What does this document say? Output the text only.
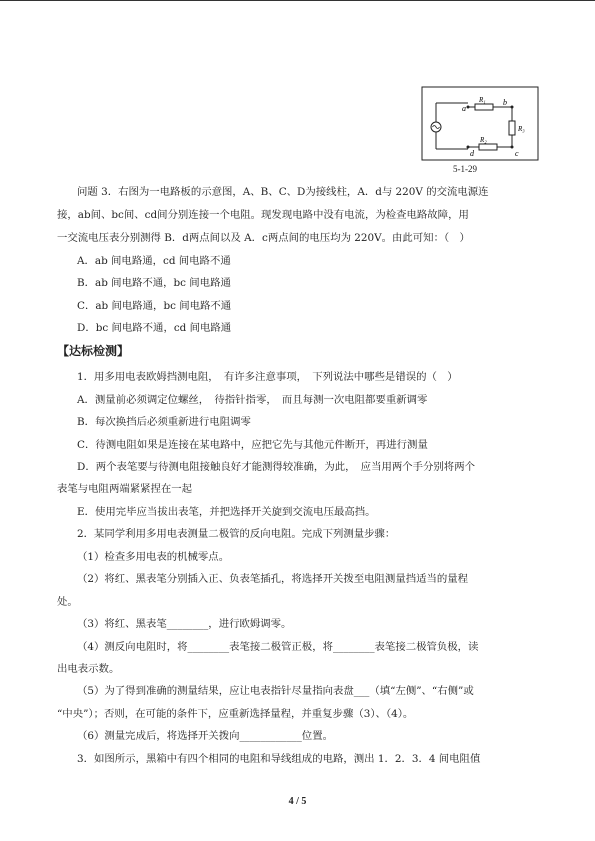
a
b
c
d
R₁
R₂
R₃
5-1-29
问题 3．右图为一电路板的示意图，A、B、C、D为接线柱，A．d与 220V 的交流电源连
接，ab间、bc间、cd间分别连接一个电阻。现发现电路中没有电流，为检查电路故障，用
一交流电压表分别测得 B．d两点间以及 A．c两点间的电压均为 220V。由此可知：（　）
A．ab 间电路通，cd 间电路不通
B．ab 间电路不通，bc 间电路通
C．ab 间电路通，bc 间电路不通
D．bc 间电路不通，cd 间电路通
【达标检测】
1．用多用电表欧姆挡测电阻，　有许多注意事项，　下列说法中哪些是错误的（　）
A．测量前必须调定位螺丝，　待指针指零，　而且每测一次电阻都要重新调零
B．每次换挡后必须重新进行电阻调零
C．待测电阻如果是连接在某电路中，应把它先与其他元件断开，再进行测量
D．两个表笔要与待测电阻接触良好才能测得较准确，为此，　应当用两个手分别将两个
表笔与电阻两端紧紧捏在一起
E．使用完毕应当拔出表笔，并把选择开关旋到交流电压最高挡。
2．某同学利用多用电表测量二极管的反向电阻。完成下列测量步骤：
（1）检查多用电表的机械零点。
（2）将红、黑表笔分别插入正、负表笔插孔，将选择开关拨至电阻测量挡适当的量程
处。
（3）将红、黑表笔________，进行欧姆调零。
（4）测反向电阻时，将________表笔接二极管正极，将________表笔接二极管负极，读
出电表示数。
（5）为了得到准确的测量结果，应让电表指针尽量指向表盘___（填“左侧”、“右侧”或
“中央”）；否则，在可能的条件下，应重新选择量程，并重复步骤（3）、（4）。
（6）测量完成后，将选择开关拨向____________位置。
3．如图所示，黑箱中有四个相同的电阻和导线组成的电路，测出 1．2．3．4 间电阻值
4 / 5
